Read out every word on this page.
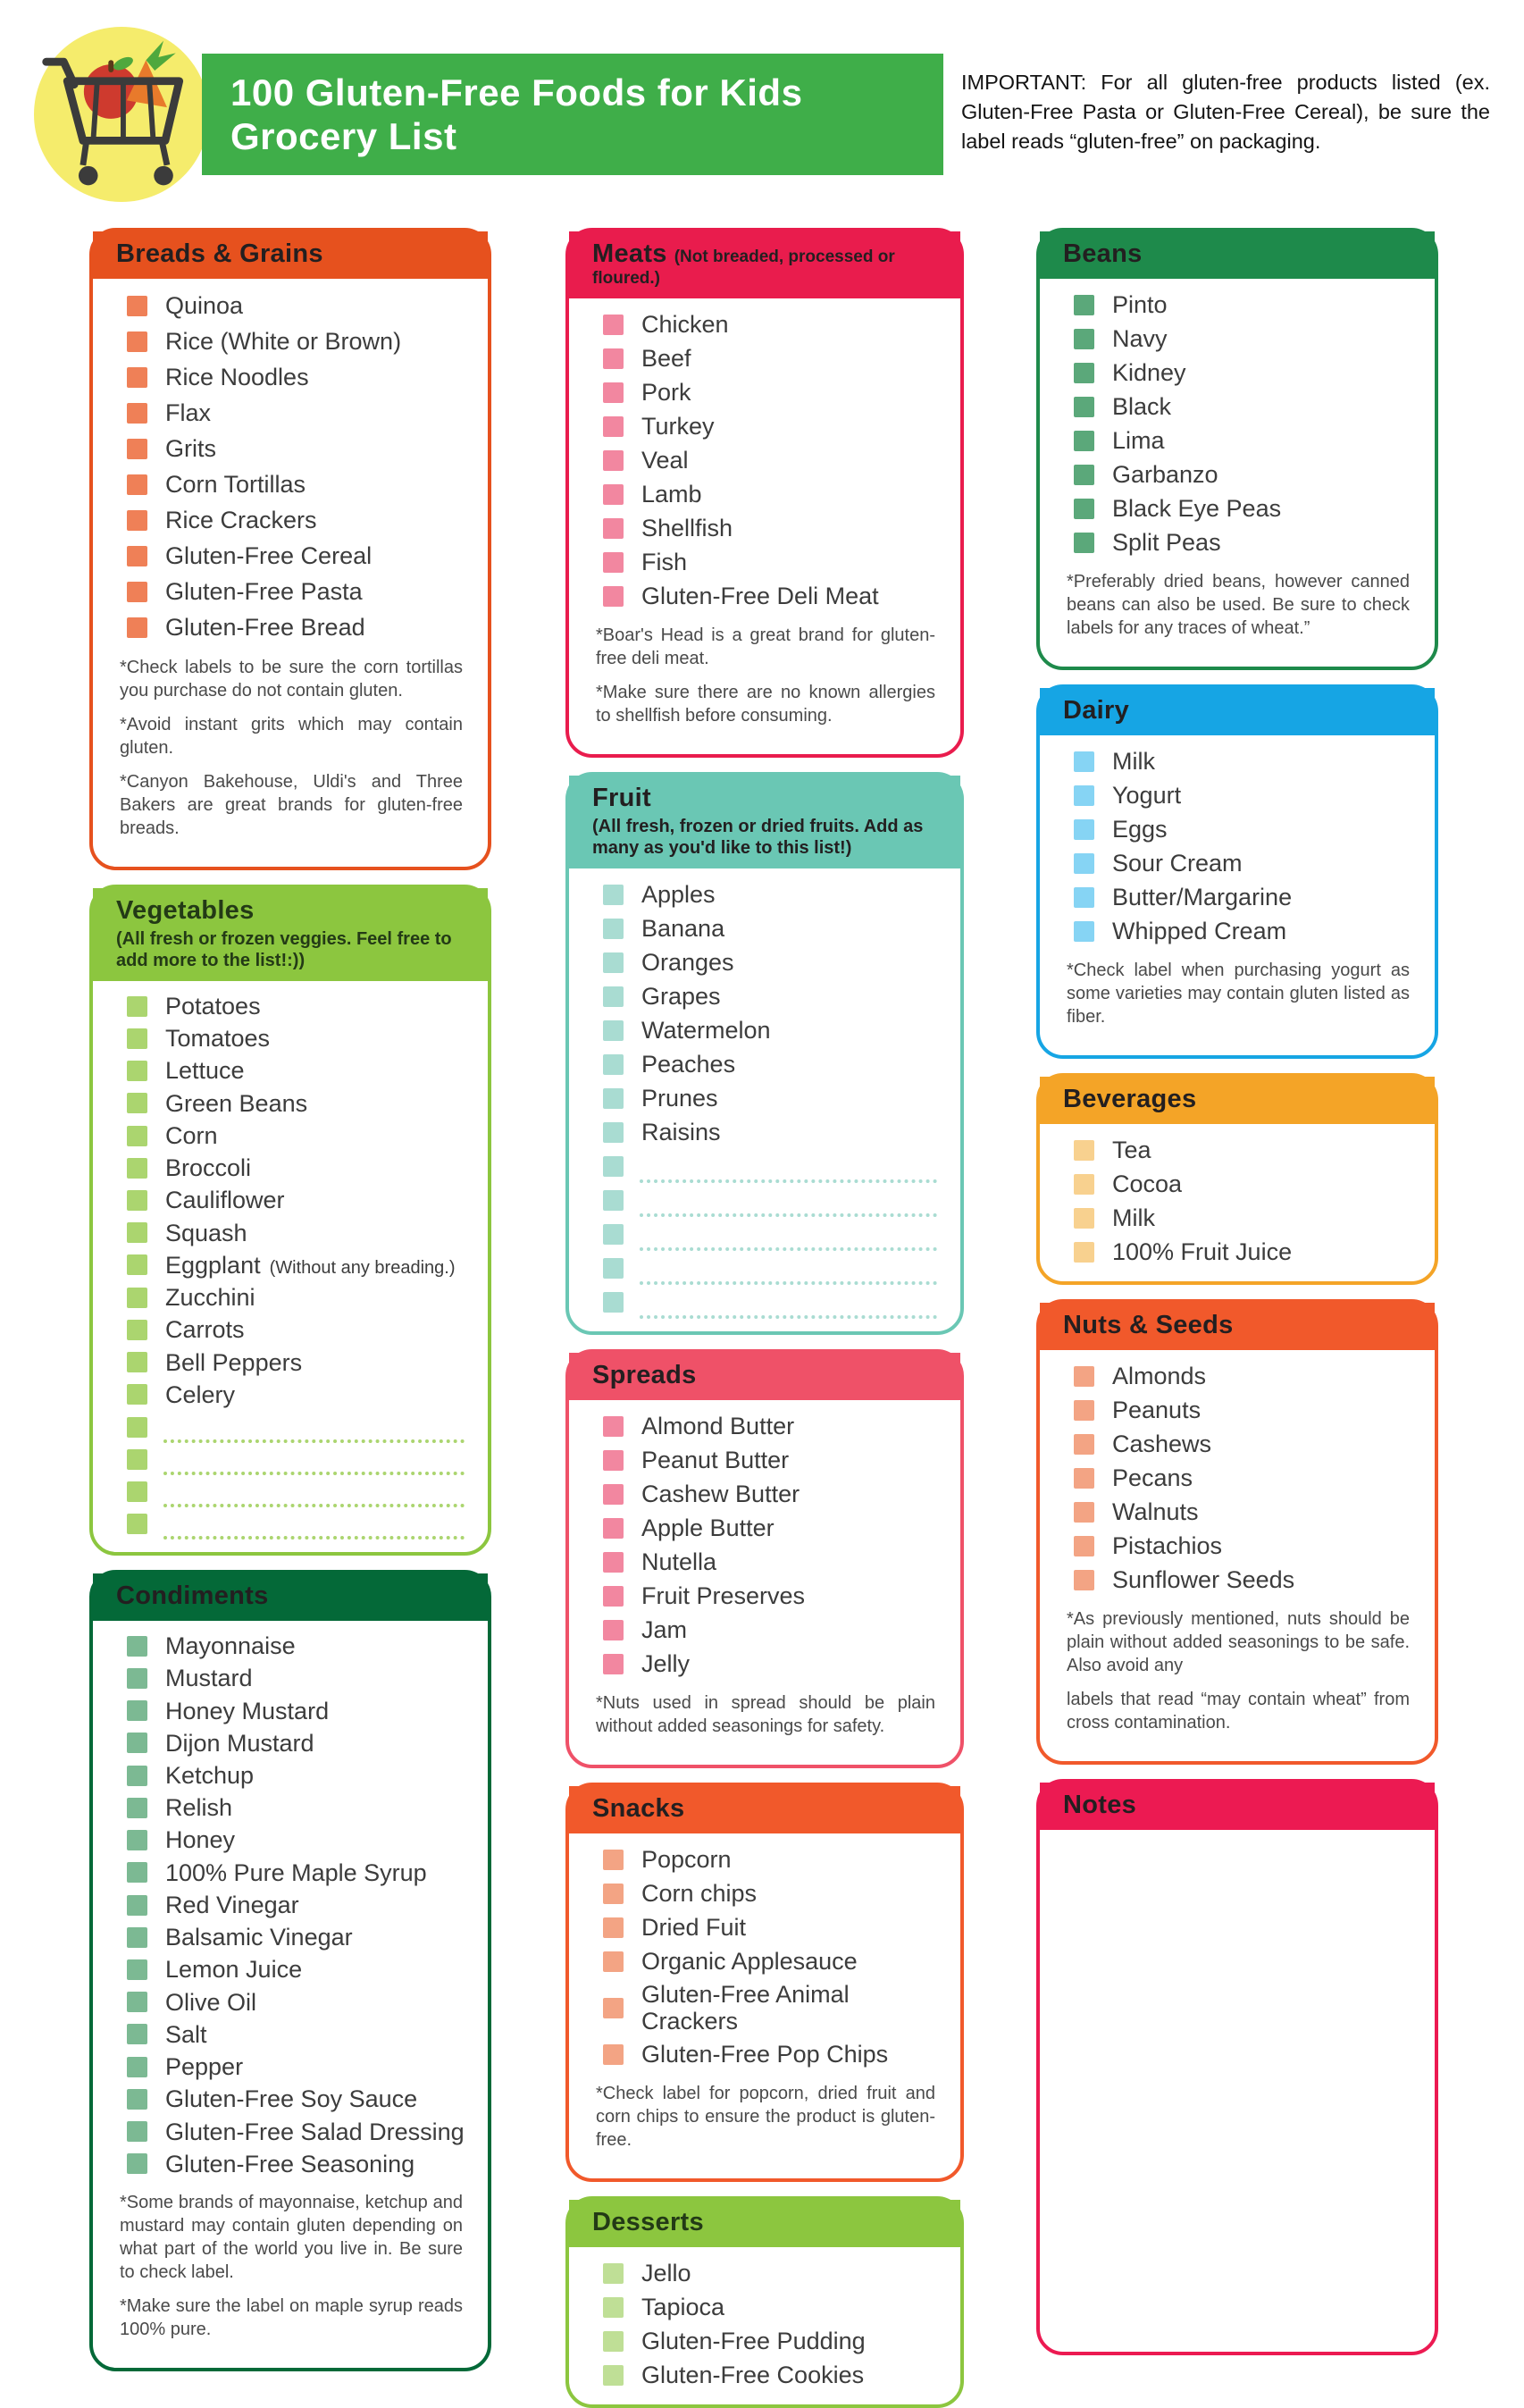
100 Gluten-Free Foods for Kids
Grocery List
IMPORTANT: For all gluten-free products listed (ex. Gluten-Free Pasta or Gluten-Free Cereal), be sure the label reads “gluten-free” on packaging.
Breads & Grains
Quinoa
Rice (White or Brown)
Rice Noodles
Flax
Grits
Corn Tortillas
Rice Crackers
Gluten-Free Cereal
Gluten-Free Pasta
Gluten-Free Bread

*Check labels to be sure the corn tortillas you purchase do not contain gluten.

*Avoid instant grits which may contain gluten.

*Canyon Bakehouse, Uldi's and Three Bakers are great brands for gluten-free breads.

Vegetables
(All fresh or frozen veggies. Feel free to add more to the list!:))
Potatoes
Tomatoes
Lettuce
Green Beans
Corn
Broccoli
Cauliflower
Squash
Eggplant (Without any breading.)
Zucchini
Carrots
Bell Peppers
Celery
Condiments
Mayonnaise
Mustard
Honey Mustard
Dijon Mustard
Ketchup
Relish
Honey
100% Pure Maple Syrup
Red Vinegar
Balsamic Vinegar
Lemon Juice
Olive Oil
Salt
Pepper
Gluten-Free Soy Sauce
Gluten-Free Salad Dressing
Gluten-Free Seasoning

*Some brands of mayonnaise, ketchup and mustard may contain gluten depending on what part of the world you live in. Be sure to check label.

*Make sure the label on maple syrup reads 100% pure.

Meats (Not breaded, processed or floured.)
Chicken
Beef
Pork
Turkey
Veal
Lamb
Shellfish
Fish
Gluten-Free Deli Meat

*Boar's Head is a great brand for gluten-free deli meat.

*Make sure there are no known allergies to shellfish before consuming.

Fruit
(All fresh, frozen or dried fruits. Add as many as you'd like to this list!)
Apples
Banana
Oranges
Grapes
Watermelon
Peaches
Prunes
Raisins
Spreads
Almond Butter
Peanut Butter
Cashew Butter
Apple Butter
Nutella
Fruit Preserves
Jam
Jelly

*Nuts used in spread should be plain without added seasonings for safety.

Snacks
Popcorn
Corn chips
Dried Fuit
Organic Applesauce
Gluten-Free Animal Crackers
Gluten-Free Pop Chips

*Check label for popcorn, dried fruit and corn chips to ensure the product is gluten-free.

Desserts
Jello
Tapioca
Gluten-Free Pudding
Gluten-Free Cookies
Beans
Pinto
Navy
Kidney
Black
Lima
Garbanzo
Black Eye Peas
Split Peas

*Preferably dried beans, however canned beans can also be used. Be sure to check labels for any traces of wheat.”

Dairy
Milk
Yogurt
Eggs
Sour Cream
Butter/Margarine
Whipped Cream

*Check label when purchasing yogurt as some varieties may contain gluten listed as fiber.

Beverages
Tea
Cocoa
Milk
100% Fruit Juice
Nuts & Seeds
Almonds
Peanuts
Cashews
Pecans
Walnuts
Pistachios
Sunflower Seeds

*As previously mentioned, nuts should be plain without added seasonings to be safe. Also avoid any

labels that read “may contain wheat” from cross contamination.

Notes
